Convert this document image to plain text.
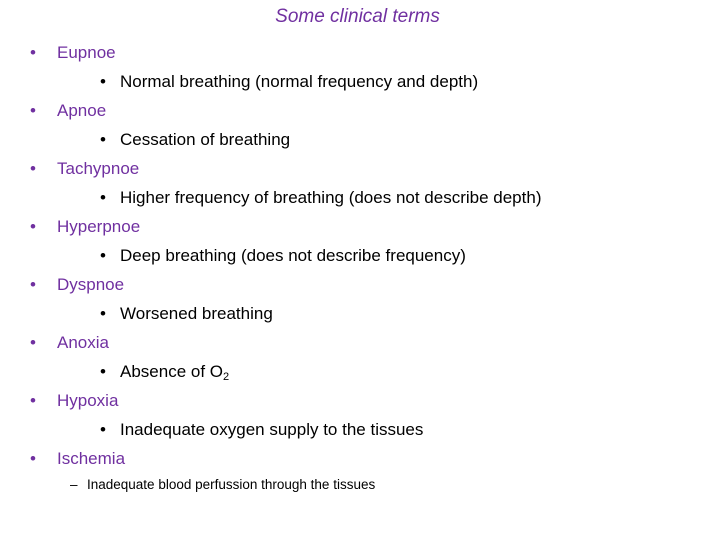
Some clinical terms
• Eupnoe
• Normal breathing (normal frequency and depth)
• Apnoe
• Cessation of breathing
• Tachypnoe
• Higher frequency of breathing (does not describe depth)
• Hyperpnoe
• Deep breathing (does not describe frequency)
• Dyspnoe
• Worsened breathing
• Anoxia
• Absence of $O_2$
• Hypoxia
• Inadequate oxygen supply to the tissues
• Ischemia
– Inadequate blood perfussion through the tissues
